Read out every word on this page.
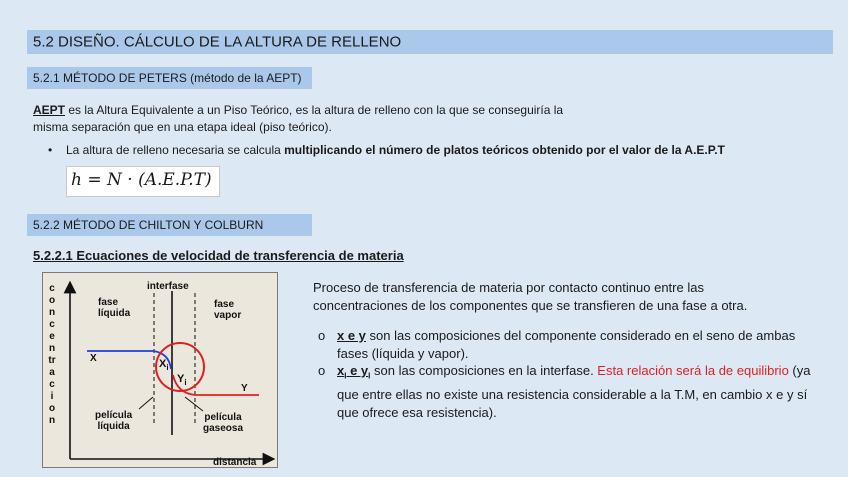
5.2 DISEÑO. CÁLCULO DE LA ALTURA DE RELLENO
5.2.1 MÉTODO DE PETERS (método de la AEPT)
AEPT es la Altura Equivalente a un Piso Teórico, es la altura de relleno con la que se conseguiría la
misma separación que en una etapa ideal (piso teórico).
• La altura de relleno necesaria se calcula multiplicando el número de platos teóricos obtenido por el valor de la A.E.P.T
h = N · (A.E.P.T)
5.2.2 MÉTODO DE CHILTON Y COLBURN
5.2.2.1 Ecuaciones de velocidad de transferencia de materia
concentracion
interfase
fase
líquida
fase
vapor
X	$X_i$
$Y_i$
Y
película
líquida
película
gaseosa
distancia
Proceso de transferencia de materia por contacto continuo entre las
concentraciones de los componentes que se transfieren de una fase a otra.
o x e y son las composiciones del componente considerado en el seno de ambas
fases (líquida y vapor).
o $x_I$ e $y_I$ son las composiciones en la interfase. Esta relación será la de equilibrio (ya
que entre ellas no existe una resistencia considerable a la T.M, en cambio x e y sí
que ofrece esa resistencia).
